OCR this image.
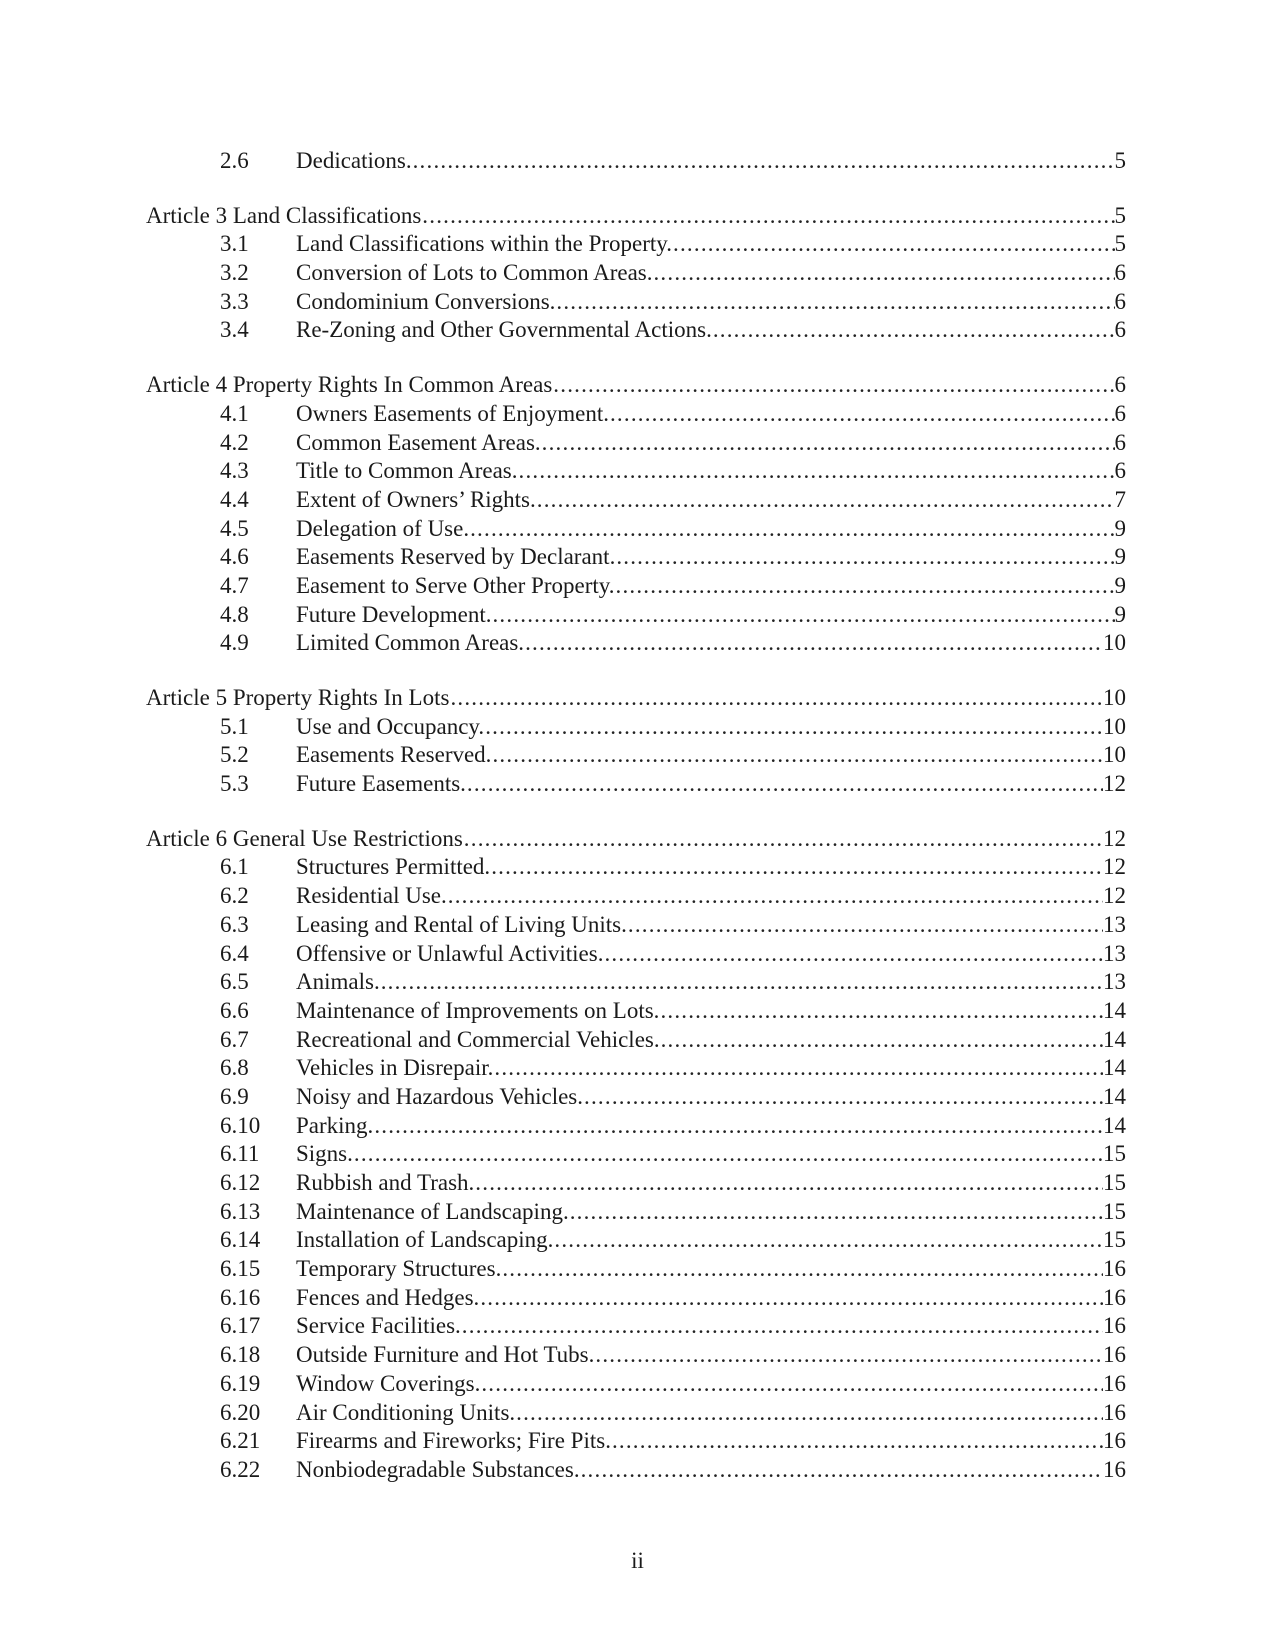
2.6	Dedications. .....	5
Article 3 Land Classifications .....	5
3.1	Land Classifications within the Property. .....	5
3.2	Conversion of Lots to Common Areas. .....	6
3.3	Condominium Conversions. .....	6
3.4	Re-Zoning and Other Governmental Actions. .....	6
Article 4 Property Rights In Common Areas .....	6
4.1	Owners Easements of Enjoyment. .....	6
4.2	Common Easement Areas. .....	6
4.3	Title to Common Areas. .....	6
4.4	Extent of Owners’ Rights. .....	7
4.5	Delegation of Use. .....	9
4.6	Easements Reserved by Declarant. .....	9
4.7	Easement to Serve Other Property. .....	9
4.8	Future Development. .....	9
4.9	Limited Common Areas. .....	10
Article 5 Property Rights In Lots .....	10
5.1	Use and Occupancy. .....	10
5.2	Easements Reserved. .....	10
5.3	Future Easements. .....	12
Article 6 General Use Restrictions .....	12
6.1	Structures Permitted. .....	12
6.2	Residential Use. .....	12
6.3	Leasing and Rental of Living Units. .....	13
6.4	Offensive or Unlawful Activities. .....	13
6.5	Animals. .....	13
6.6	Maintenance of Improvements on Lots. .....	14
6.7	Recreational and Commercial Vehicles. .....	14
6.8	Vehicles in Disrepair. .....	14
6.9	Noisy and Hazardous Vehicles. .....	14
6.10	Parking. .....	14
6.11	Signs. .....	15
6.12	Rubbish and Trash. .....	15
6.13	Maintenance of Landscaping. .....	15
6.14	Installation of Landscaping. .....	15
6.15	Temporary Structures. .....	16
6.16	Fences and Hedges. .....	16
6.17	Service Facilities. .....	16
6.18	Outside Furniture and Hot Tubs. .....	16
6.19	Window Coverings. .....	16
6.20	Air Conditioning Units. .....	16
6.21	Firearms and Fireworks; Fire Pits. .....	16
6.22	Nonbiodegradable Substances. .....	16
ii
